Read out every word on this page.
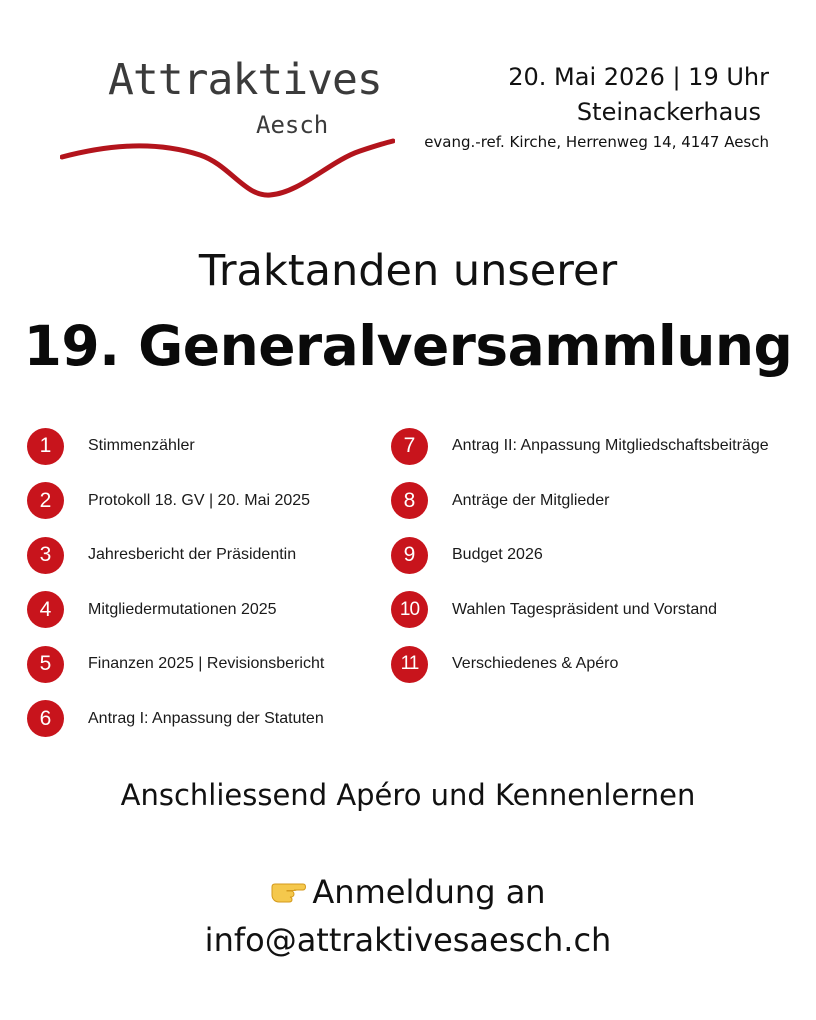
Attraktives
Aesch
20. Mai 2026 | 19 Uhr
Steinackerhaus
evang.-ref. Kirche, Herrenweg 14, 4147 Aesch
Traktanden unserer
19. Generalversammlung
1	Stimmenzähler
2	Protokoll 18. GV | 20. Mai 2025
3	Jahresbericht der Präsidentin
4	Mitgliedermutationen 2025
5	Finanzen 2025 | Revisionsbericht
6	Antrag I: Anpassung der Statuten
7	Antrag II: Anpassung Mitgliedschaftsbeiträge
8	Anträge der Mitglieder
9	Budget 2026
10	Wahlen Tagespräsident und Vorstand
11	Verschiedenes & Apéro
Anschliessend Apéro und Kennenlernen
Anmeldung an
info@attraktivesaesch.ch
